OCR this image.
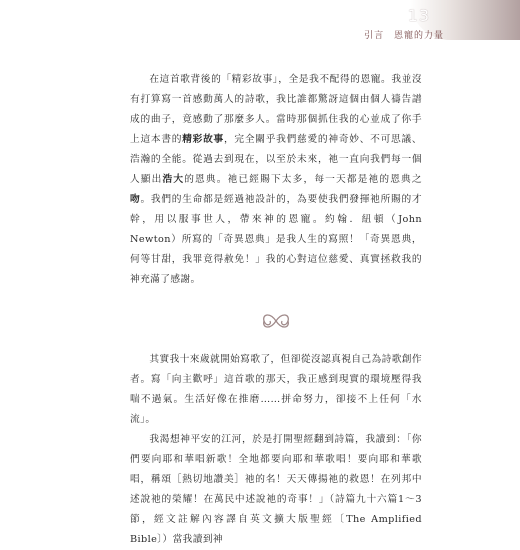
13
引言 恩寵的力量

在這首歌背後的「精彩故事」，全是我不配得的恩寵。我並沒有打算寫一首感動萬人的詩歌，我比誰都驚訝這個由個人禱告譜成的曲子，竟感動了那麼多人。當時那個抓住我的心並成了你手上這本書的精彩故事，完全關乎我們慈愛的神奇妙、不可思議、浩瀚的全能。從過去到現在，以至於未來，祂一直向我們每一個人顯出浩大的恩典。祂已經賜下太多，每一天都是祂的恩典之吻。我們的生命都是經過祂設計的，為要使我們發揮祂所賜的才幹，用以服事世人，帶來神的恩寵。約翰．紐頓（John Newton）所寫的「奇異恩典」是我人生的寫照！「奇異恩典，何等甘甜，我罪竟得赦免！」我的心對這位慈愛、真實拯救我的神充滿了感謝。

其實我十來歲就開始寫歌了，但卻從沒認真視自己為詩歌創作者。寫「向主歡呼」這首歌的那天，我正感到現實的環境壓得我喘不過氣。生活好像在推磨……拼命努力，卻接不上任何「水流」。

我渴想神平安的江河，於是打開聖經翻到詩篇，我讀到：「你們要向耶和華唱新歌！全地都要向耶和華歌唱！要向耶和華歌唱，稱頌［熱切地讚美］祂的名！天天傳揚祂的救恩！在列邦中述說祂的榮耀！在萬民中述說祂的奇事！」（詩篇九十六篇1～3節，經文註解內容譯自英文擴大版聖經〔The Amplified Bible〕）當我讀到神
